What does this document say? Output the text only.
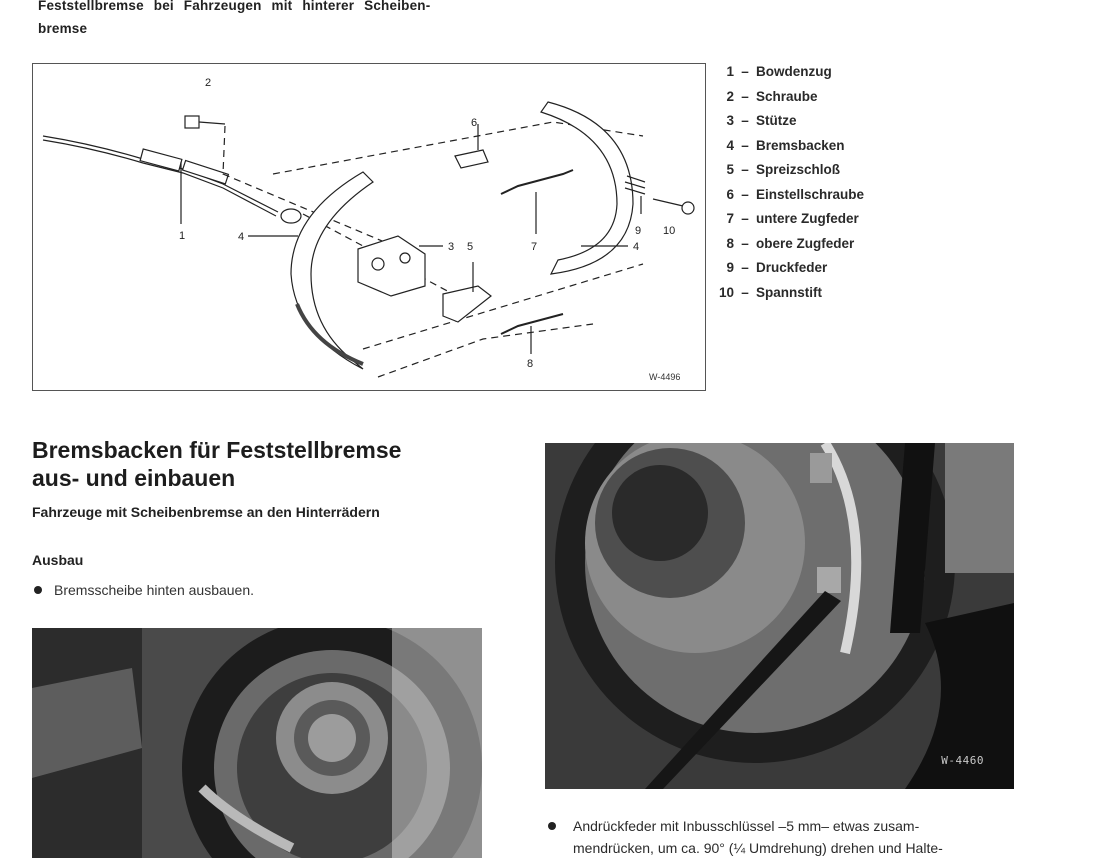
Feststellbremse bei Fahrzeugen mit hinterer Scheiben-
bremse
2
1	4
3 5
6
7	4
9 10
8
W-4496
1 – Bowdenzug
2 – Schraube
3 – Stütze
4 – Bremsbacken
5 – Spreizschloß
6 – Einstellschraube
7 – untere Zugfeder
8 – obere Zugfeder
9 – Druckfeder
10 – Spannstift
Bremsbacken für Feststellbremse
aus- und einbauen
Fahrzeuge mit Scheibenbremse an den Hinterrädern
Ausbau
Bremsscheibe hinten ausbauen.
W-4460
Andrückfeder mit Inbusschlüssel –5 mm– etwas zusam-
mendrücken, um ca. 90° (¼ Umdrehung) drehen und Halte-
